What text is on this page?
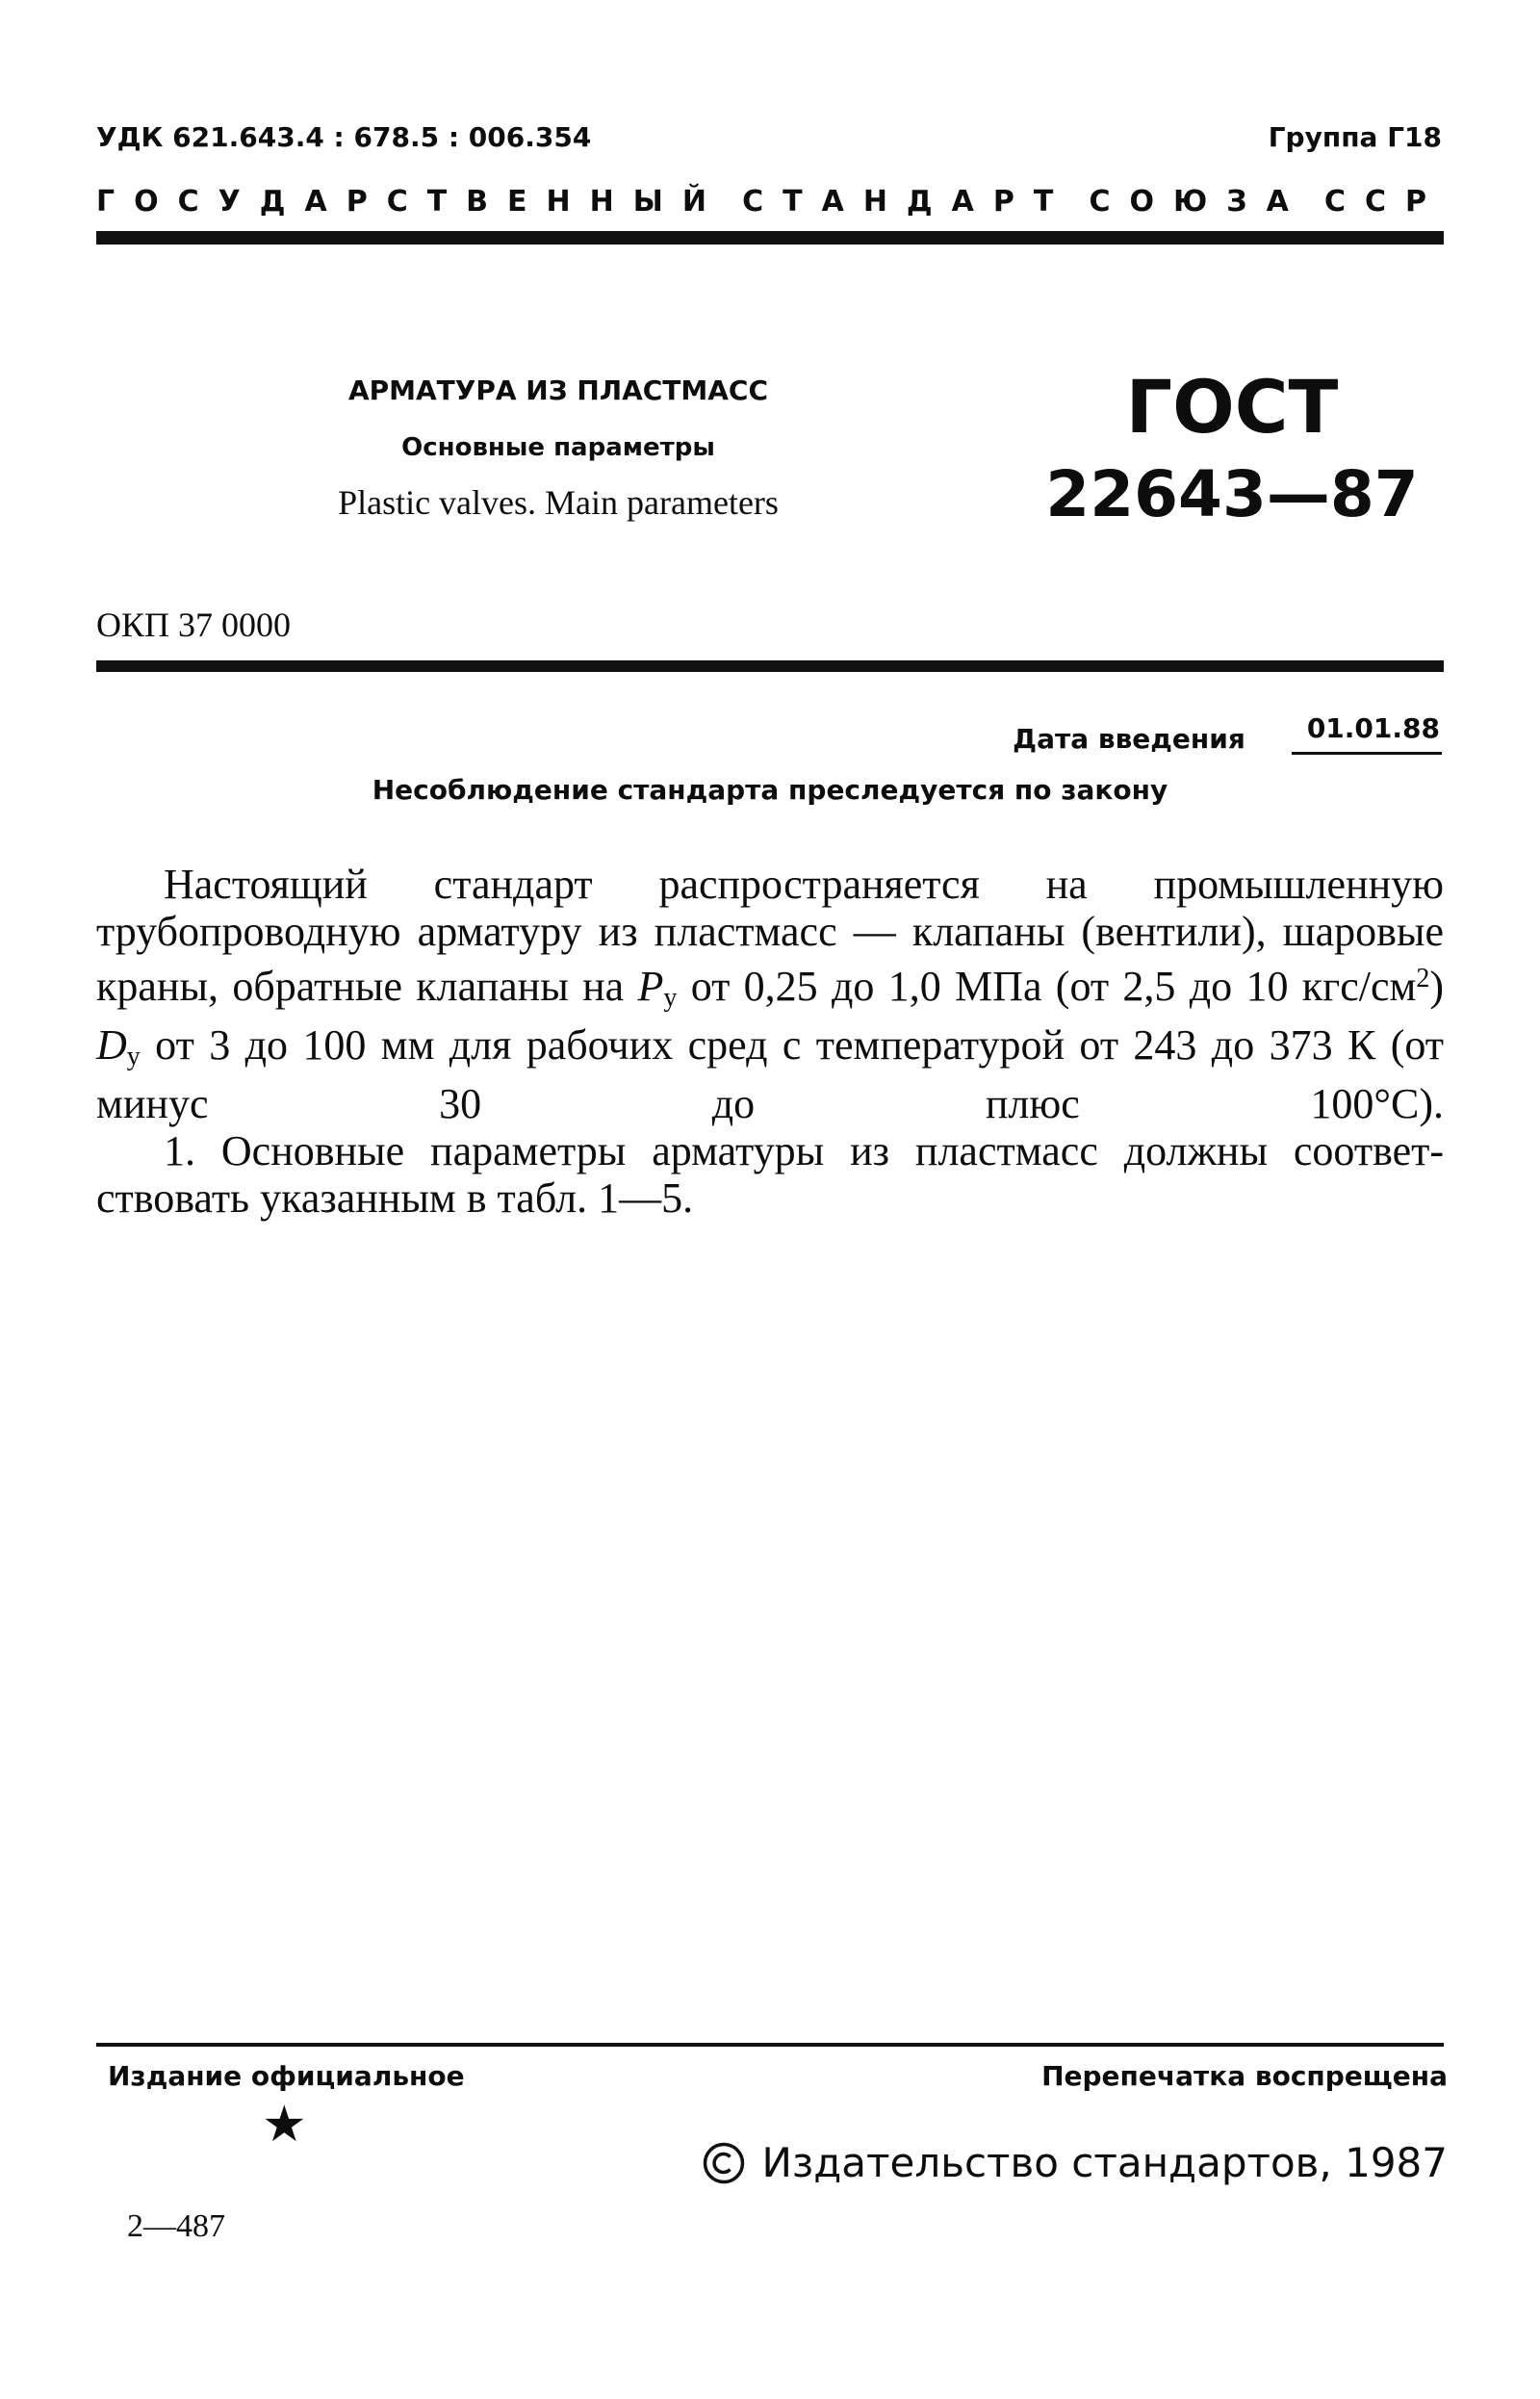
УДК 621.643.4 : 678.5 : 006.354	Группа Г18
ГОСУДАРСТВЕННЫЙ СТАНДАРТ СОЮЗА ССР
АРМАТУРА ИЗ ПЛАСТМАСС
Основные параметры
Plastic valves. Main parameters
ГОСТ
22643—87
ОКП 37 0000
Дата введения	01.01.88
Несоблюдение стандарта преследуется по закону

Настоящий стандарт распространяется на промышленную трубопроводную арматуру из пластмасс — клапаны (вентили), шаровые краны, обратные клапаны на $P_y$ от 0,25 до 1,0 МПа (от 2,5 до 10 кгс/$см^2$) $D_y$ от 3 до 100 мм для рабочих сред с температурой от 243 до 373 К (от минус 30 до плюс 100°С).

1. Основные параметры арматуры из пластмасс должны соответ-

ствовать указанным в табл. 1—5.

Издание официальное	Перепечатка воспрещена
★
Издательство стандартов, 1987
2—487
